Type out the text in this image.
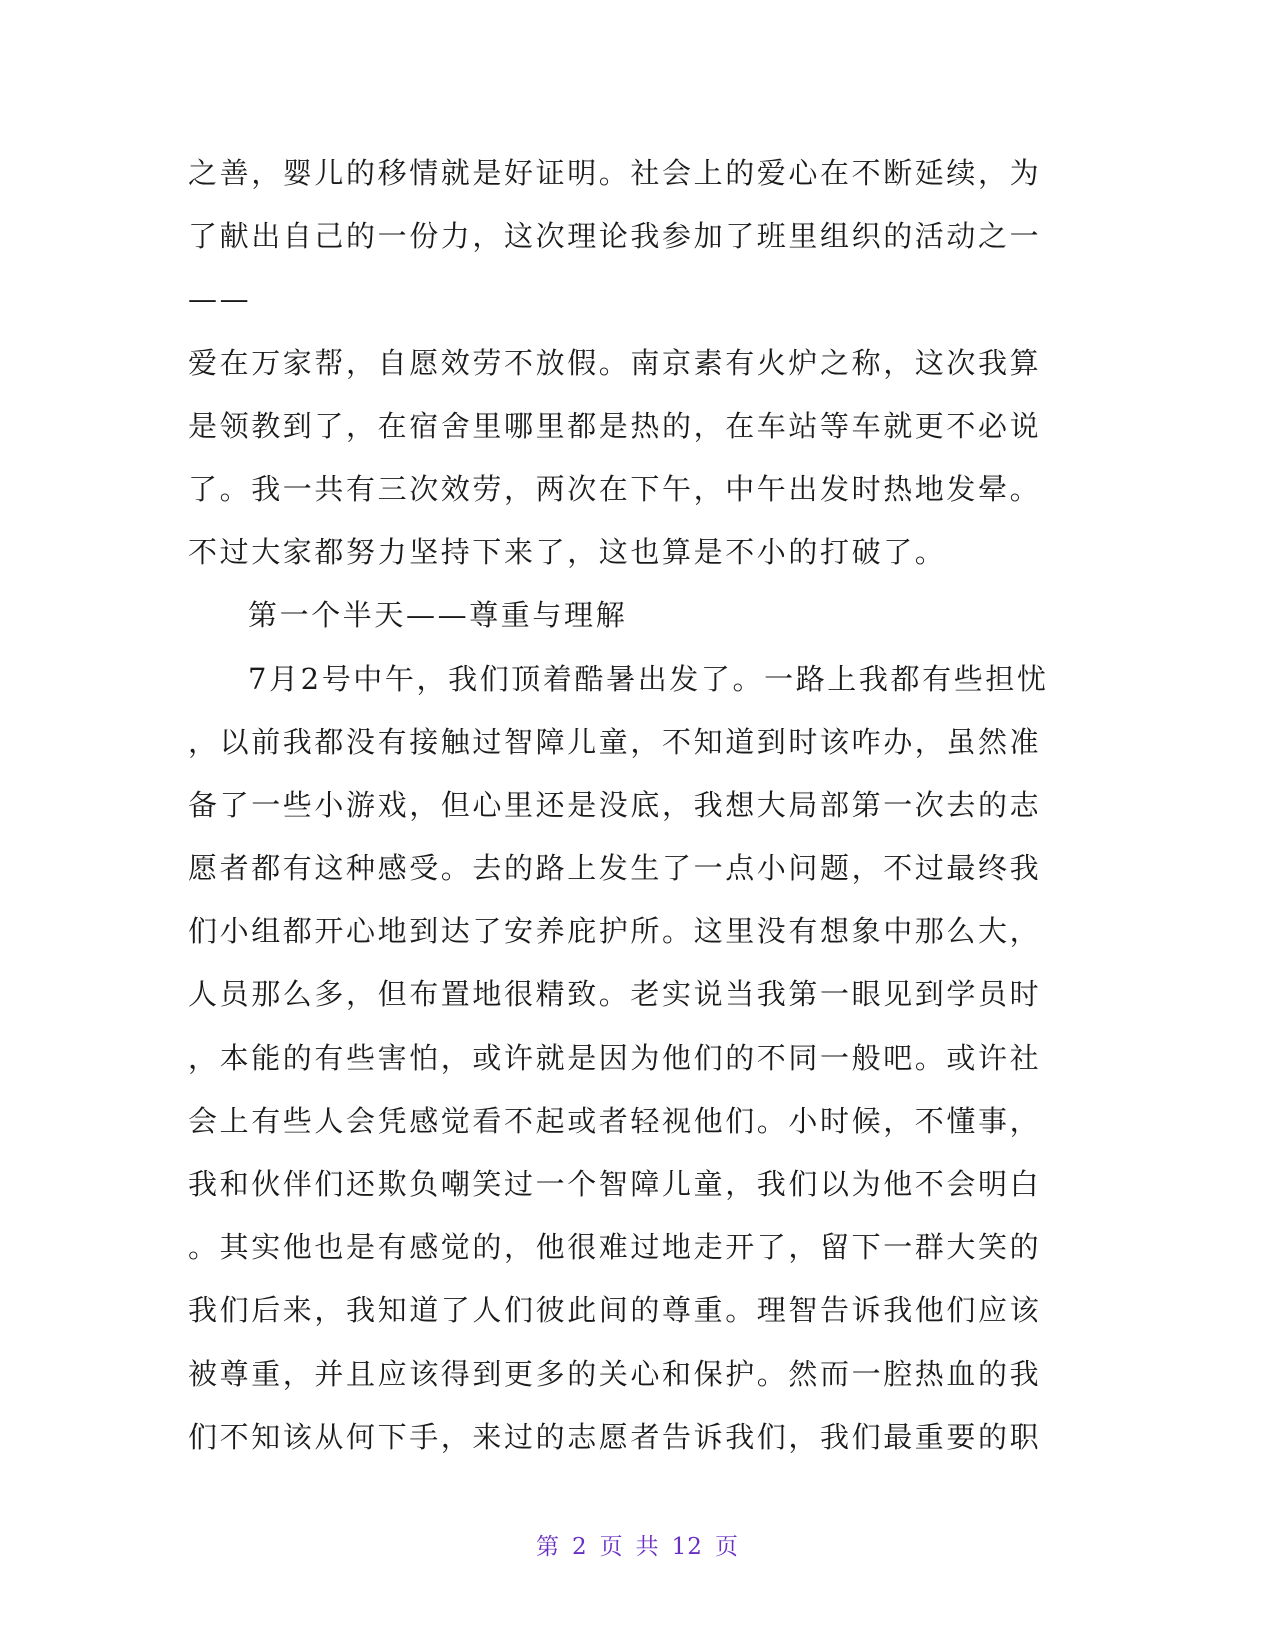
之善，婴儿的移情就是好证明。社会上的爱心在不断延续，为
了献出自己的一份力，这次理论我参加了班里组织的活动之一
——
爱在万家帮，自愿效劳不放假。南京素有火炉之称，这次我算
是领教到了，在宿舍里哪里都是热的，在车站等车就更不必说
了。我一共有三次效劳，两次在下午，中午出发时热地发晕。
不过大家都努力坚持下来了，这也算是不小的打破了。
第一个半天——尊重与理解
7月2号中午，我们顶着酷暑出发了。一路上我都有些担忧
，以前我都没有接触过智障儿童，不知道到时该咋办，虽然准
备了一些小游戏，但心里还是没底，我想大局部第一次去的志
愿者都有这种感受。去的路上发生了一点小问题，不过最终我
们小组都开心地到达了安养庇护所。这里没有想象中那么大，
人员那么多，但布置地很精致。老实说当我第一眼见到学员时
，本能的有些害怕，或许就是因为他们的不同一般吧。或许社
会上有些人会凭感觉看不起或者轻视他们。小时候，不懂事，
我和伙伴们还欺负嘲笑过一个智障儿童，我们以为他不会明白
。其实他也是有感觉的，他很难过地走开了，留下一群大笑的
我们后来，我知道了人们彼此间的尊重。理智告诉我他们应该
被尊重，并且应该得到更多的关心和保护。然而一腔热血的我
们不知该从何下手，来过的志愿者告诉我们，我们最重要的职
第 2 页 共 12 页
